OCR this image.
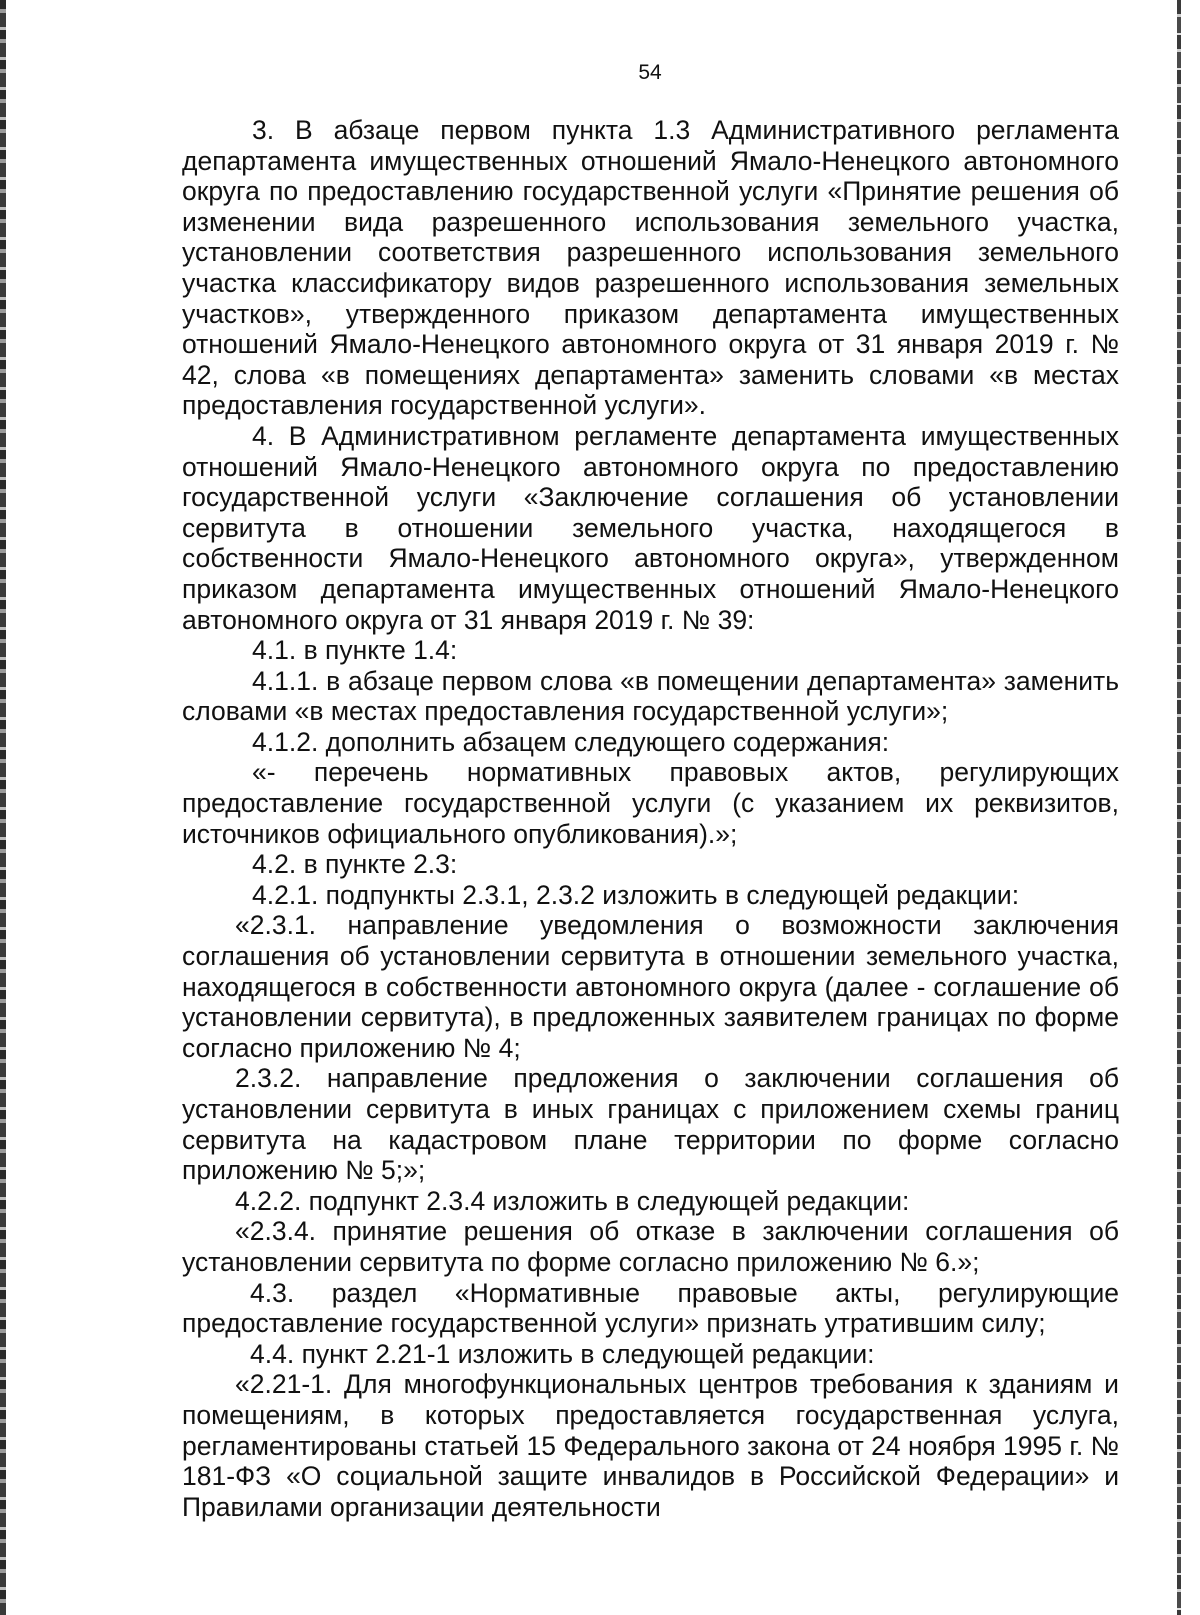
54

3. В абзаце первом пункта 1.3 Административного регламента департамента имущественных отношений Ямало-Ненецкого автономного округа по предоставлению государственной услуги «Принятие решения об изменении вида разрешенного использования земельного участка, установлении соответствия разрешенного использования земельного участка классификатору видов разрешенного использования земельных участков», утвержденного приказом департамента имущественных отношений Ямало-Ненецкого автономного округа от 31 января 2019 г. № 42, слова «в помещениях департамента» заменить словами «в местах предоставления государственной услуги».

4. В Административном регламенте департамента имущественных отношений Ямало-Ненецкого автономного округа по предоставлению государственной услуги «Заключение соглашения об установлении сервитута в отношении земельного участка, находящегося в собственности Ямало-Ненецкого автономного округа», утвержденном приказом департамента имущественных отношений Ямало-Ненецкого автономного округа от 31 января 2019 г. № 39:

4.1. в пункте 1.4:

4.1.1. в абзаце первом слова «в помещении департамента» заменить словами «в местах предоставления государственной услуги»;

4.1.2. дополнить абзацем следующего содержания:

«- перечень нормативных правовых актов, регулирующих предоставление государственной услуги (с указанием их реквизитов, источников официального опубликования).»;

4.2. в пункте 2.3:

4.2.1. подпункты 2.3.1, 2.3.2 изложить в следующей редакции:

«2.3.1. направление уведомления о возможности заключения соглашения об установлении сервитута в отношении земельного участка, находящегося в собственности автономного округа (далее - соглашение об установлении сервитута), в предложенных заявителем границах по форме согласно приложению № 4;

2.3.2. направление предложения о заключении соглашения об установлении сервитута в иных границах с приложением схемы границ сервитута на кадастровом плане территории по форме согласно приложению № 5;»;

4.2.2. подпункт 2.3.4 изложить в следующей редакции:

«2.3.4. принятие решения об отказе в заключении соглашения об установлении сервитута по форме согласно приложению № 6.»;

4.3. раздел «Нормативные правовые акты, регулирующие предоставление государственной услуги» признать утратившим силу;

4.4. пункт 2.21-1 изложить в следующей редакции:

«2.21-1. Для многофункциональных центров требования к зданиям и помещениям, в которых предоставляется государственная услуга, регламентированы статьей 15 Федерального закона от 24 ноября 1995 г. № 181-ФЗ «О социальной защите инвалидов в Российской Федерации» и Правилами организации деятельности
